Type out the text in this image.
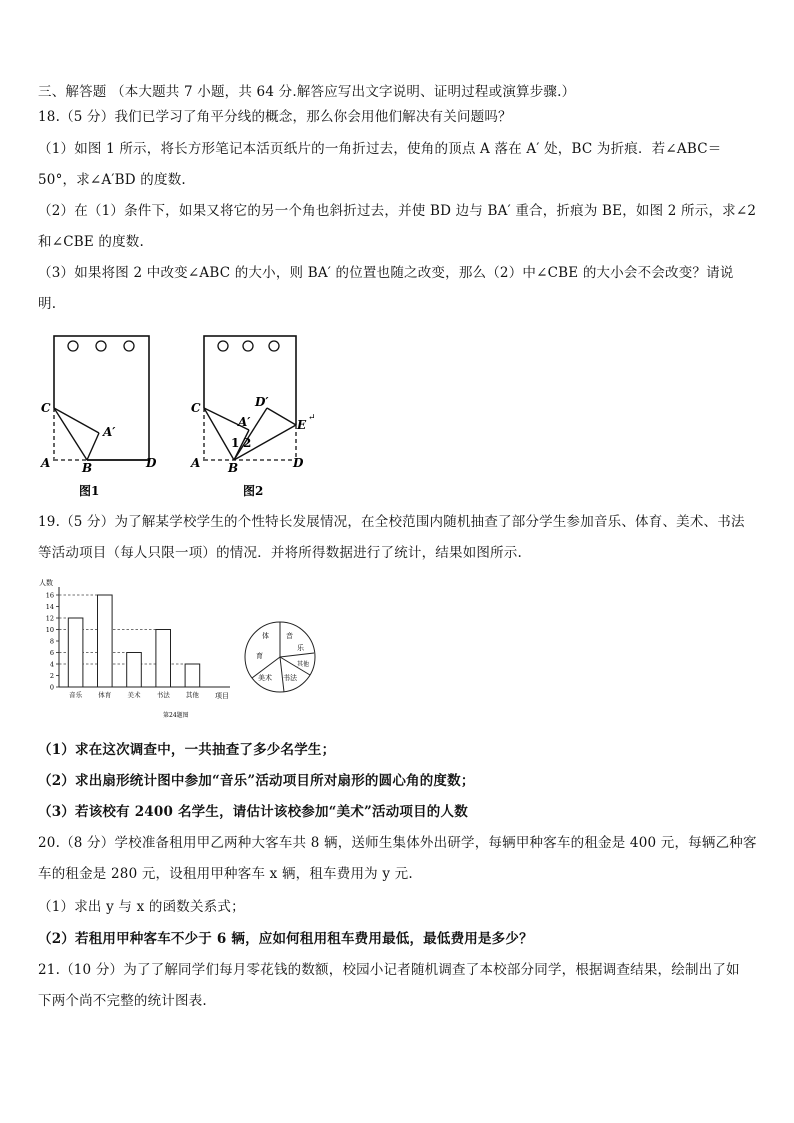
三、解答题 （本大题共 7 小题，共 64 分.解答应写出文字说明、证明过程或演算步骤.）
18.（5 分）我们已学习了角平分线的概念，那么你会用他们解决有关问题吗？
（1）如图 1 所示，将长方形笔记本活页纸片的一角折过去，使角的顶点 A 落在 A′ 处，BC 为折痕．若∠ABC＝
50°，求∠A′BD 的度数.
（2）在（1）条件下，如果又将它的另一个角也斜折过去，并使 BD 边与 BA′ 重合，折痕为 BE，如图 2 所示，求∠2
和∠CBE 的度数.
（3）如果将图 2 中改变∠ABC 的大小，则 BA′ 的位置也随之改变，那么（2）中∠CBE 的大小会不会改变？请说
明.
C
A′
A	B	D
图1
C	D′
A′	E ↵
1 2
A B	D
图2
19.（5 分）为了解某学校学生的个性特长发展情况，在全校范围内随机抽查了部分学生参加音乐、体育、美术、书法
等活动项目（每人只限一项）的情况．并将所得数据进行了统计，结果如图所示.
人数
0
2
4
6
8
10
12
14
16
音乐 体育 美术 书法 其他 项目
第24题图
体
育
音
乐
其他
书法
美术
（1）求在这次调查中，一共抽查了多少名学生；
（2）求出扇形统计图中参加“音乐”活动项目所对扇形的圆心角的度数；
（3）若该校有 2400 名学生，请估计该校参加“美术”活动项目的人数
20.（8 分）学校准备租用甲乙两种大客车共 8 辆，送师生集体外出研学，每辆甲种客车的租金是 400 元，每辆乙种客
车的租金是 280 元，设租用甲种客车 x 辆，租车费用为 y 元.
（1）求出 y 与 x 的函数关系式；
（2）若租用甲种客车不少于 6 辆，应如何租用租车费用最低，最低费用是多少？
21.（10 分）为了了解同学们每月零花钱的数额，校园小记者随机调查了本校部分同学，根据调查结果，绘制出了如
下两个尚不完整的统计图表.
